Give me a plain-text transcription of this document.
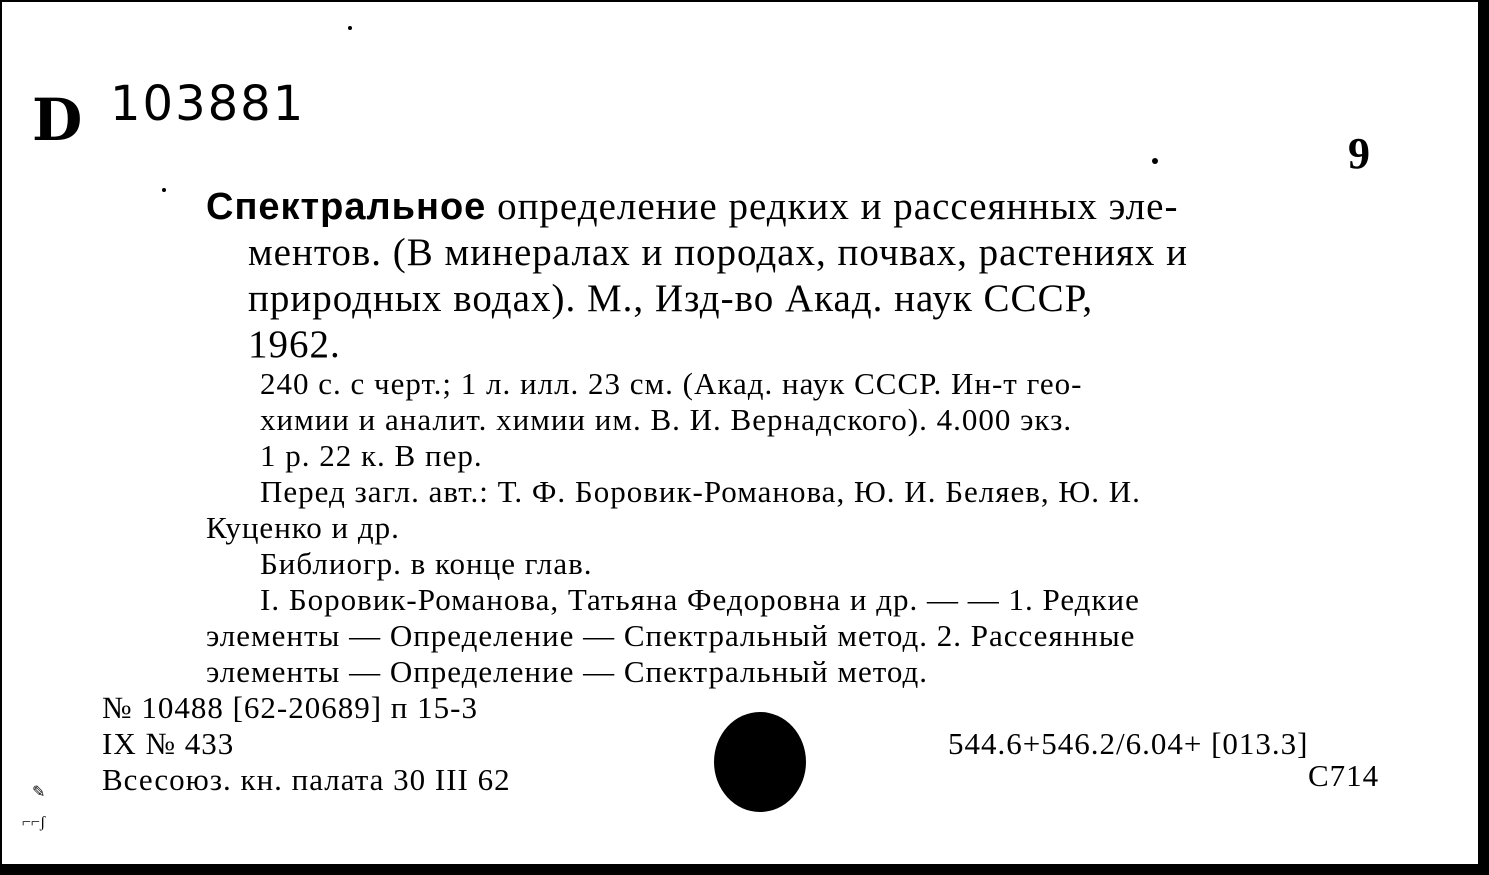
D 103881
9
Спектральное определение редких и рассеянных эле-
ментов. (В минералах и породах, почвах, растениях и
природных водах). М., Изд-во Акад. наук СССР,
1962.
240 с. с черт.; 1 л. илл. 23 см. (Акад. наук СССР. Ин-т гео-
химии и аналит. химии им. В. И. Вернадского). 4.000 экз.
1 р. 22 к. В пер.
Перед загл. авт.: Т. Ф. Боровик-Романова, Ю. И. Беляев, Ю. И.
Куценко и др.
Библиогр. в конце глав.
I. Боровик-Романова, Татьяна Федоровна и др. — — 1. Редкие
элементы — Определение — Спектральный метод. 2. Рассеянные
элементы — Определение — Спектральный метод.
№ 10488 [62-20689] п 15-3
IX № 433
Всесоюз. кн. палата 30 III 62
544.6+546.2/6.04+ [013.3]
С714
✎
⌐⌐ʃ
